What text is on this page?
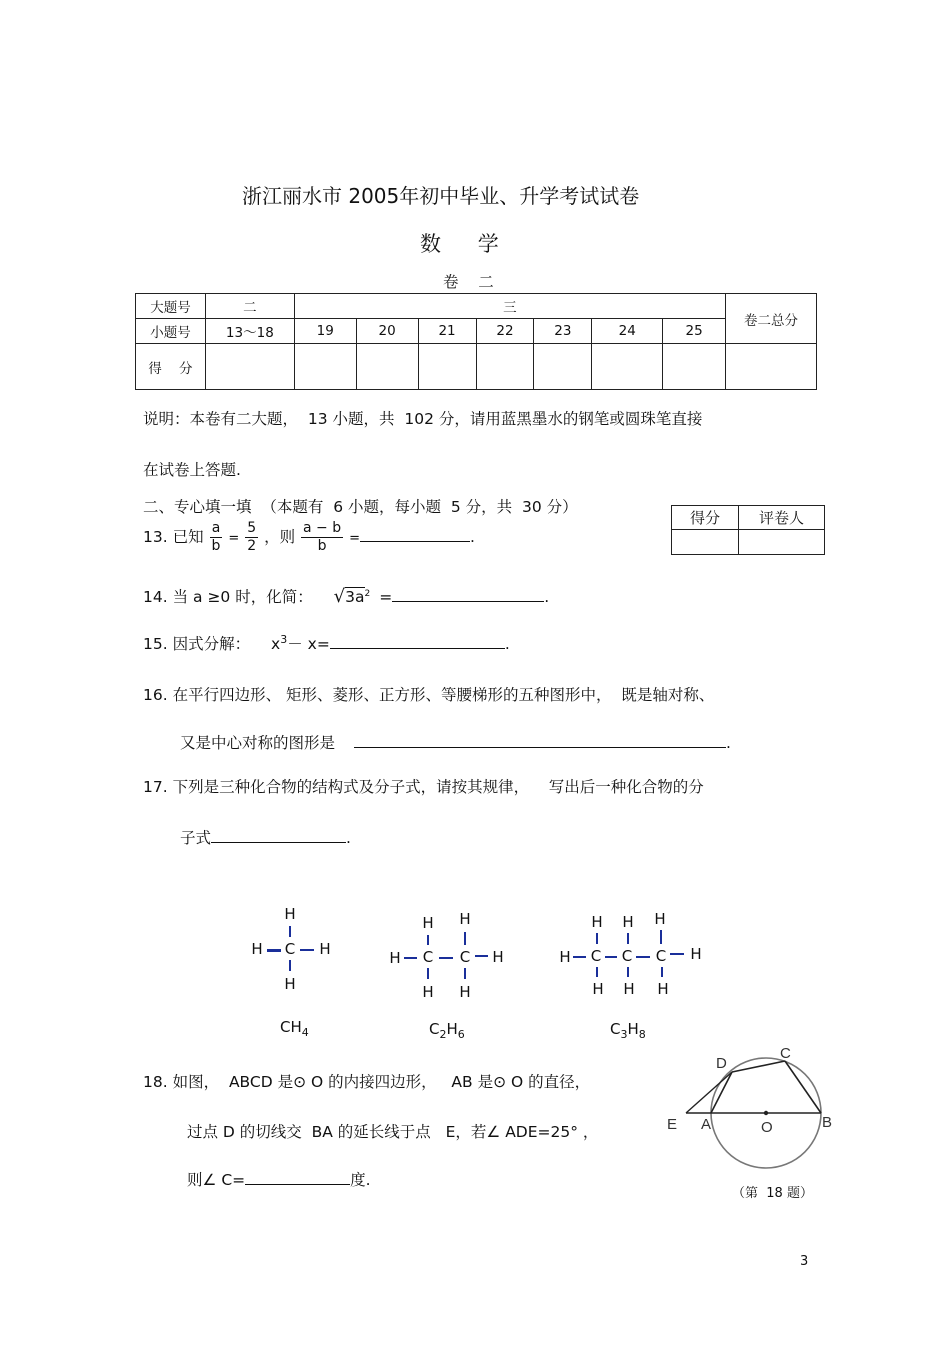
浙江丽水市 2005年初中毕业、升学考试试卷
数    学
卷    二
大题号	二	三							卷二总分
小题号	13～18	19	20	21	22	23	24	25	
得    分									
说明：本卷有二大题，  13 小题，共  102 分，请用蓝黑墨水的钢笔或圆珠笔直接
在试卷上答题.
二、专心填一填  （本题有  6 小题，每小题  5 分，共  30 分）
得分	评卷人

13. 已知 $\frac{a}{b} = \frac{5}{2}$ ，则 $\frac{a - b}{b}$ =	.
14. 当 a ≥0 时，化简： $√3a^2$ =	.
15. 因式分解： $x^3- x=$	.
16. 在平行四边形、 矩形、菱形、正方形、等腰梯形的五种图形中，  既是轴对称、
又是中心对称的图形是	.
17. 下列是三种化合物的结构式及分子式，请按其规律，    写出后一种化合物的分
子式	.
H
H C H
H
H H
H C C H
H H
H H H
H C C C H
H H H
$CH_4$	$C_2H_6$	$C_3H_8$
18. 如图，  ABCD 是⊙ O 的内接四边形，   AB 是⊙ O 的直径，
过点 D 的切线交  BA 的延长线于点   E，若∠ ADE=25° ，
则∠ C=	度.
D
C
E A	O	B
（第  18 题）
3
